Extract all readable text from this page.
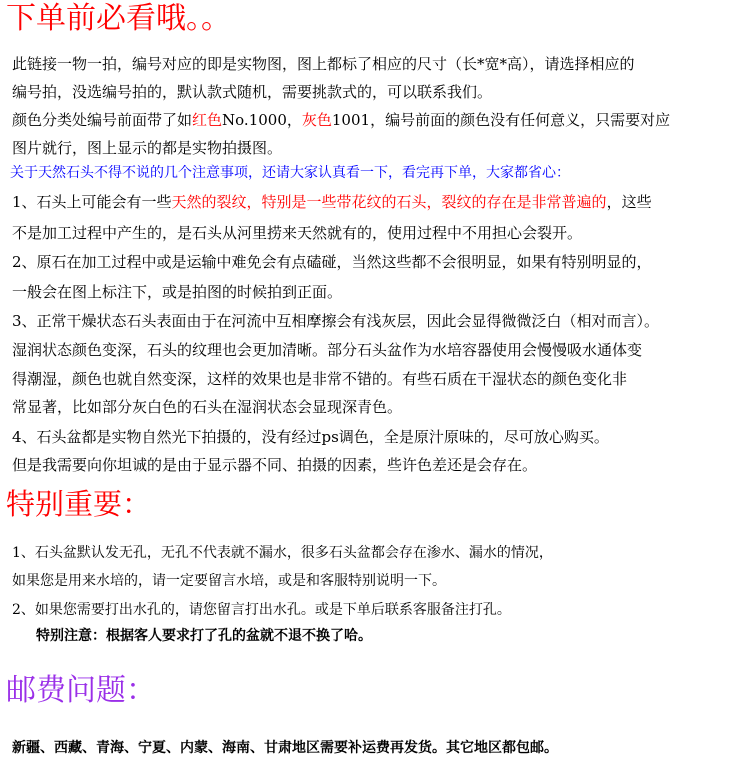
下单前必看哦。。
此链接一物一拍，编号对应的即是实物图，图上都标了相应的尺寸（长*宽*高），请选择相应的
编号拍，没选编号拍的，默认款式随机，需要挑款式的，可以联系我们。
颜色分类处编号前面带了如红色No.1000，灰色1001，编号前面的颜色没有任何意义，只需要对应
图片就行，图上显示的都是实物拍摄图。
关于天然石头不得不说的几个注意事项，还请大家认真看一下，看完再下单，大家都省心：
1、石头上可能会有一些天然的裂纹，特别是一些带花纹的石头，裂纹的存在是非常普遍的，这些
不是加工过程中产生的，是石头从河里捞来天然就有的，使用过程中不用担心会裂开。
2、原石在加工过程中或是运输中难免会有点磕碰，当然这些都不会很明显，如果有特别明显的，
一般会在图上标注下，或是拍图的时候拍到正面。
3、正常干燥状态石头表面由于在河流中互相摩擦会有浅灰层，因此会显得微微泛白（相对而言）。
湿润状态颜色变深，石头的纹理也会更加清晰。部分石头盆作为水培容器使用会慢慢吸水通体变
得潮湿，颜色也就自然变深，这样的效果也是非常不错的。有些石质在干湿状态的颜色变化非
常显著，比如部分灰白色的石头在湿润状态会显现深青色。
4、石头盆都是实物自然光下拍摄的，没有经过ps调色，全是原汁原味的，尽可放心购买。
但是我需要向你坦诚的是由于显示器不同、拍摄的因素，些许色差还是会存在。
特别重要：
1、石头盆默认发无孔，无孔不代表就不漏水，很多石头盆都会存在渗水、漏水的情况，
如果您是用来水培的，请一定要留言水培，或是和客服特别说明一下。
2、如果您需要打出水孔的，请您留言打出水孔。或是下单后联系客服备注打孔。
特别注意：根据客人要求打了孔的盆就不退不换了哈。
邮费问题：
新疆、西藏、青海、宁夏、内蒙、海南、甘肃地区需要补运费再发货。其它地区都包邮。
